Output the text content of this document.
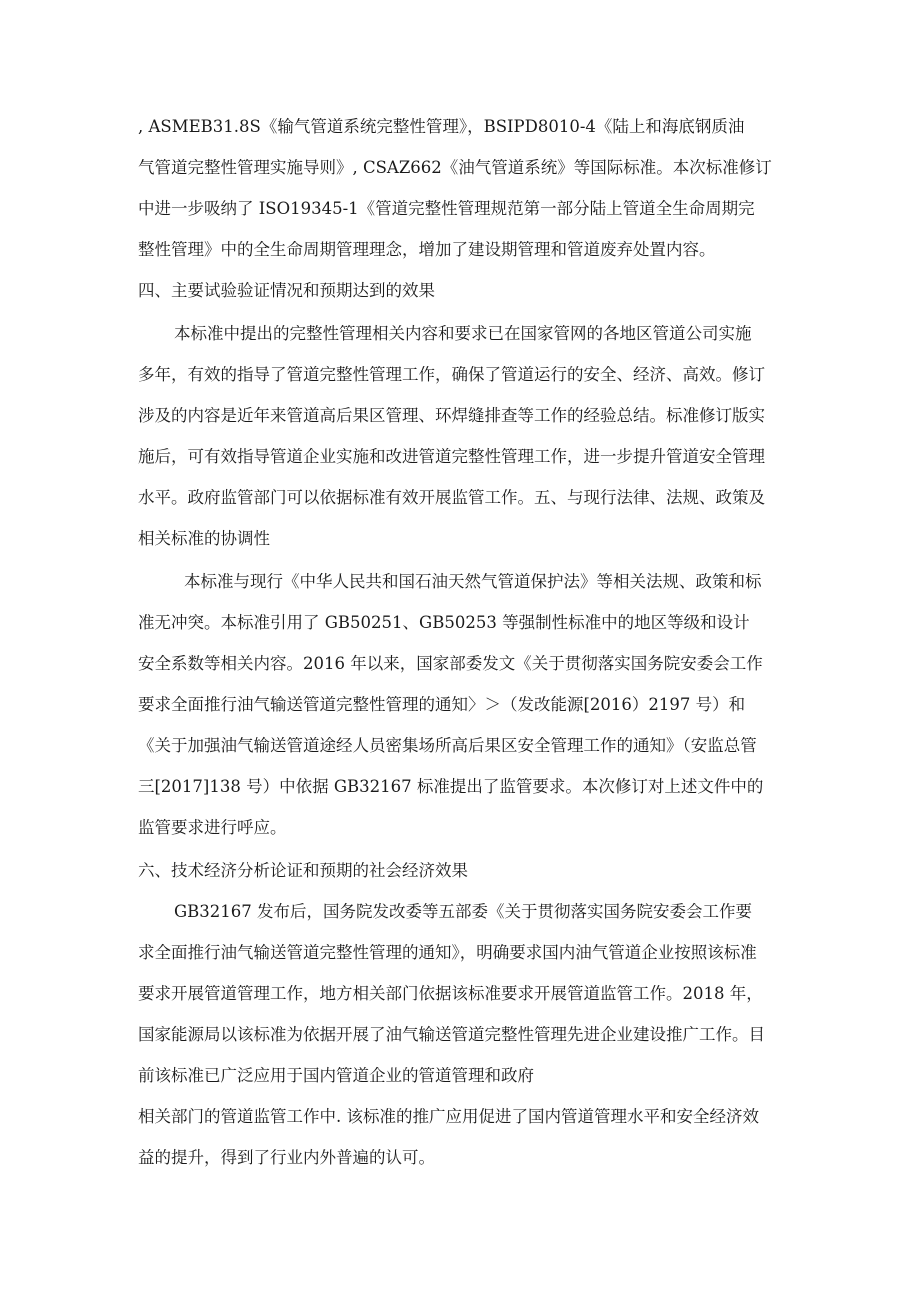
, ASMEB31.8S《输气管道系统完整性管理》，BSIPD8010-4《陆上和海底钢质油
气管道完整性管理实施导则》, CSAZ662《油气管道系统》等国际标准。本次标准修订
中进一步吸纳了 ISO19345-1《管道完整性管理规范第一部分陆上管道全生命周期完
整性管理》中的全生命周期管理理念，增加了建设期管理和管道废弃处置内容。
四、主要试验验证情况和预期达到的效果
本标准中提出的完整性管理相关内容和要求已在国家管网的各地区管道公司实施
多年，有效的指导了管道完整性管理工作，确保了管道运行的安全、经济、高效。修订
涉及的内容是近年来管道高后果区管理、环焊缝排查等工作的经验总结。标准修订版实
施后，可有效指导管道企业实施和改进管道完整性管理工作，进一步提升管道安全管理
水平。政府监管部门可以依据标准有效开展监管工作。五、与现行法律、法规、政策及
相关标准的协调性
本标准与现行《中华人民共和国石油天然气管道保护法》等相关法规、政策和标
准无冲突。本标准引用了 GB50251、GB50253 等强制性标准中的地区等级和设计
安全系数等相关内容。2016 年以来，国家部委发文《关于贯彻落实国务院安委会工作
要求全面推行油气输送管道完整性管理的通知〉＞（发改能源[2016）2197 号）和
《关于加强油气输送管道途经人员密集场所高后果区安全管理工作的通知》（安监总管
三[2017]138 号）中依据 GB32167 标准提出了监管要求。本次修订对上述文件中的
监管要求进行呼应。
六、技术经济分析论证和预期的社会经济效果
GB32167 发布后，国务院发改委等五部委《关于贯彻落实国务院安委会工作要
求全面推行油气输送管道完整性管理的通知》，明确要求国内油气管道企业按照该标准
要求开展管道管理工作，地方相关部门依据该标准要求开展管道监管工作。2018 年，
国家能源局以该标准为依据开展了油气输送管道完整性管理先进企业建设推广工作。目
前该标准已广泛应用于国内管道企业的管道管理和政府
相关部门的管道监管工作中. 该标准的推广应用促进了国内管道管理水平和安全经济效
益的提升，得到了行业内外普遍的认可。
